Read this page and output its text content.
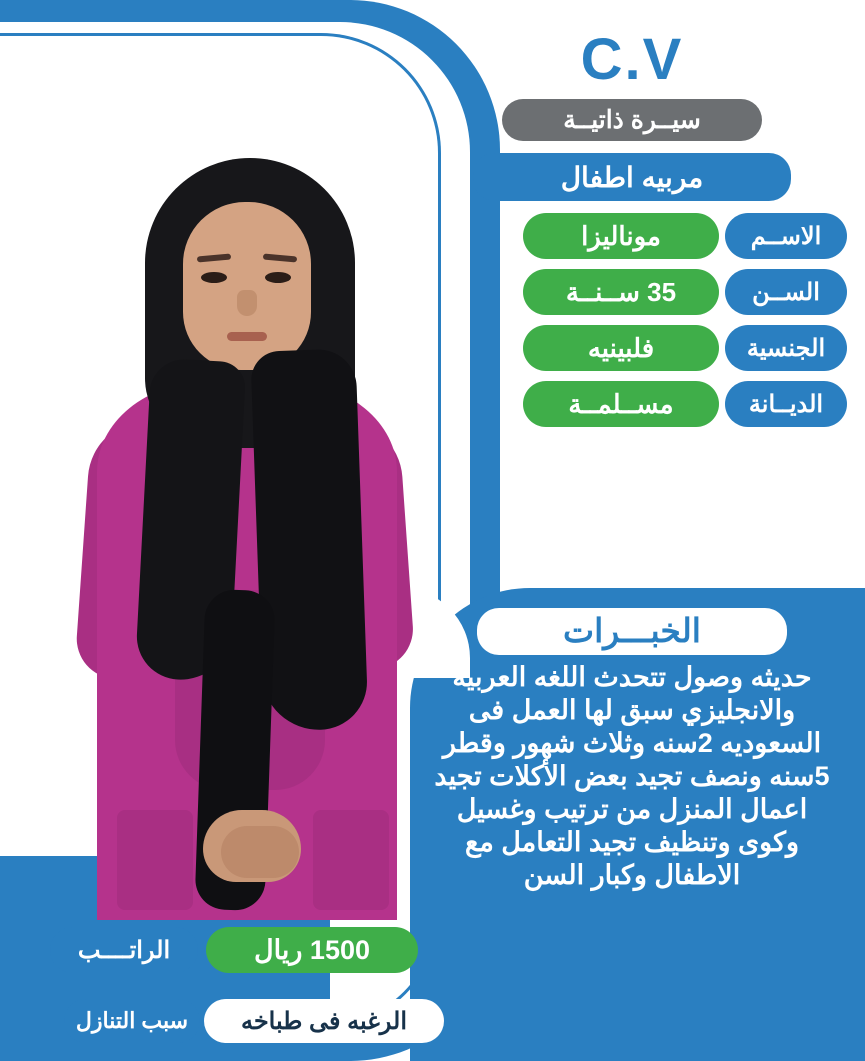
C.V
سيــرة ذاتيــة
مربيه اطفال
الاســم
موناليزا
الســن
35 ســنــة
الجنسية
فلبينيه
الديــانة
مســلمــة
الخبـــرات
حديثه وصول تتحدث اللغه العربيه والانجليزي سبق لها العمل فى السعوديه 2سنه وثلاث شهور وقطر 5سنه ونصف تجيد بعض الأكلات تجيد اعمال المنزل من ترتيب وغسيل وكوى وتنظيف تجيد التعامل مع الاطفال وكبار السن
الراتــــب	1500 ريال
سبب التنازل	الرغبه فى طباخه
